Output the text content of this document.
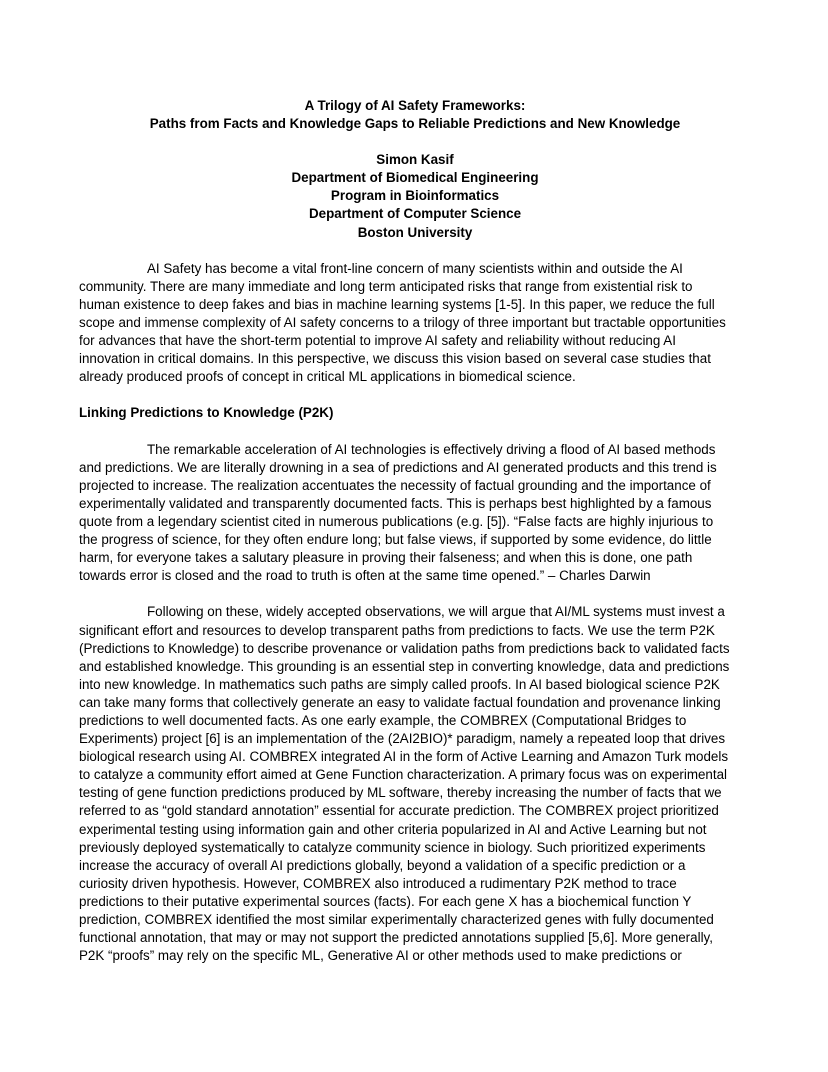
A Trilogy of AI Safety Frameworks:
Paths from Facts and Knowledge Gaps to Reliable Predictions and New Knowledge
Simon Kasif
Department of Biomedical Engineering
Program in Bioinformatics
Department of Computer Science
Boston University
AI Safety has become a vital front-line concern of many scientists within and outside the AI
community. There are many immediate and long term anticipated risks that range from existential risk to
human existence to deep fakes and bias in machine learning systems [1-5]. In this paper, we reduce the full
scope and immense complexity of AI safety concerns to a trilogy of three important but tractable opportunities
for advances that have the short-term potential to improve AI safety and reliability without reducing AI
innovation in critical domains. In this perspective, we discuss this vision based on several case studies that
already produced proofs of concept in critical ML applications in biomedical science.
Linking Predictions to Knowledge (P2K)
The remarkable acceleration of AI technologies is effectively driving a flood of AI based methods
and predictions. We are literally drowning in a sea of predictions and AI generated products and this trend is
projected to increase. The realization accentuates the necessity of factual grounding and the importance of
experimentally validated and transparently documented facts. This is perhaps best highlighted by a famous
quote from a legendary scientist cited in numerous publications (e.g. [5]). “False facts are highly injurious to
the progress of science, for they often endure long; but false views, if supported by some evidence, do little
harm, for everyone takes a salutary pleasure in proving their falseness; and when this is done, one path
towards error is closed and the road to truth is often at the same time opened.” – Charles Darwin
Following on these, widely accepted observations, we will argue that AI/ML systems must invest a
significant effort and resources to develop transparent paths from predictions to facts. We use the term P2K
(Predictions to Knowledge) to describe provenance or validation paths from predictions back to validated facts
and established knowledge. This grounding is an essential step in converting knowledge, data and predictions
into new knowledge. In mathematics such paths are simply called proofs. In AI based biological science P2K
can take many forms that collectively generate an easy to validate factual foundation and provenance linking
predictions to well documented facts. As one early example, the COMBREX (Computational Bridges to
Experiments) project [6] is an implementation of the (2AI2BIO)* paradigm, namely a repeated loop that drives
biological research using AI. COMBREX integrated AI in the form of Active Learning and Amazon Turk models
to catalyze a community effort aimed at Gene Function characterization. A primary focus was on experimental
testing of gene function predictions produced by ML software, thereby increasing the number of facts that we
referred to as “gold standard annotation” essential for accurate prediction. The COMBREX project prioritized
experimental testing using information gain and other criteria popularized in AI and Active Learning but not
previously deployed systematically to catalyze community science in biology. Such prioritized experiments
increase the accuracy of overall AI predictions globally, beyond a validation of a specific prediction or a
curiosity driven hypothesis. However, COMBREX also introduced a rudimentary P2K method to trace
predictions to their putative experimental sources (facts). For each gene X has a biochemical function Y
prediction, COMBREX identified the most similar experimentally characterized genes with fully documented
functional annotation, that may or may not support the predicted annotations supplied [5,6]. More generally,
P2K “proofs” may rely on the specific ML, Generative AI or other methods used to make predictions or
